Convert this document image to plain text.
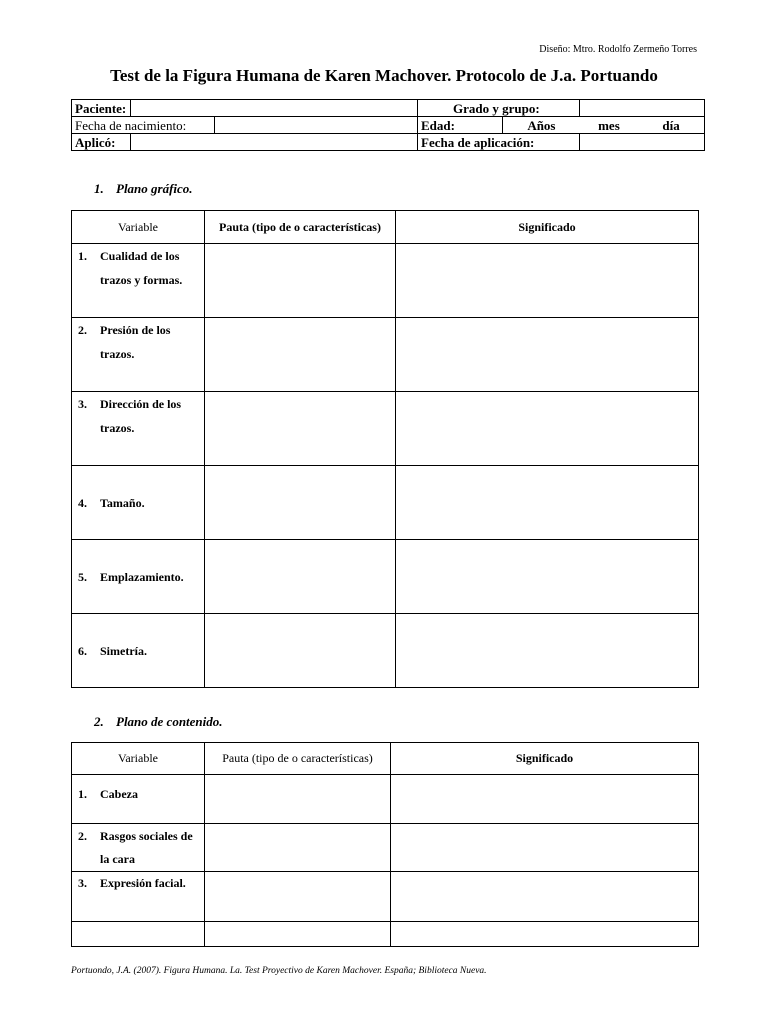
Diseño: Mtro. Rodolfo Zermeño Torres
Test de la Figura Humana de Karen Machover. Protocolo de J.a. Portuando
Paciente:			Grado y grupo:		
Fecha de nacimiento:			Edad:	Años mes día	

Aplicó:			Fecha de aplicación:		
1. Plano gráfico.
Variable	Pauta (tipo de o características)	Significado

1. Cualidad de los trazos y formas.		

2. Presión de los trazos.		

3. Dirección de los trazos.		

4. Tamaño.		

5. Emplazamiento.		

6. Simetría.		

2. Plano de contenido.
Variable	Pauta (tipo de o características)	Significado

1. Cabeza		

2. Rasgos sociales de la cara		

3. Expresión facial.		

Portuondo, J.A. (2007). Figura Humana. La. Test Proyectivo de Karen Machover. España; Biblioteca Nueva.
